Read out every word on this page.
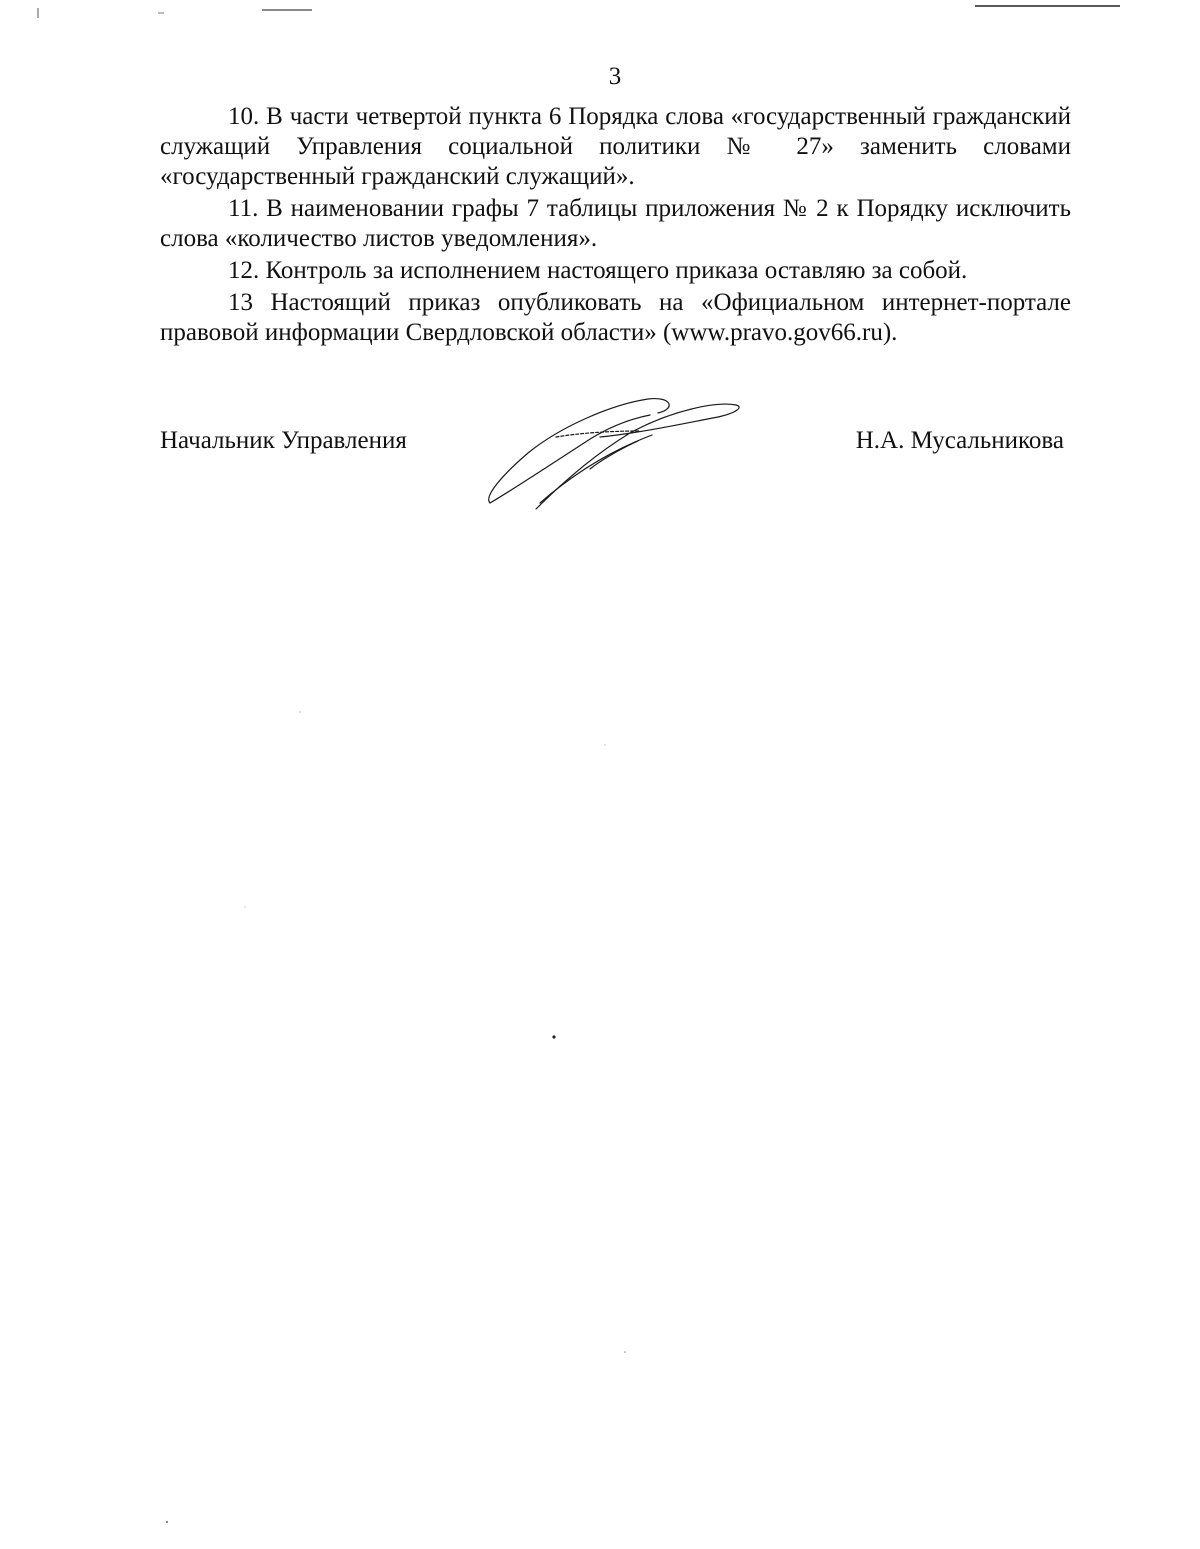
3

10. В части четвертой пункта 6 Порядка слова «государственный гражданский служащий Управления социальной политики № 27» заменить словами «государственный гражданский служащий».

11. В наименовании графы 7 таблицы приложения № 2 к Порядку исключить слова «количество листов уведомления».

12. Контроль за исполнением настоящего приказа оставляю за собой.

13 Настоящий приказ опубликовать на «Официальном интернет-портале правовой информации Свердловской области» (www.pravo.gov66.ru).

Начальник Управления	Н.А. Мусальникова
